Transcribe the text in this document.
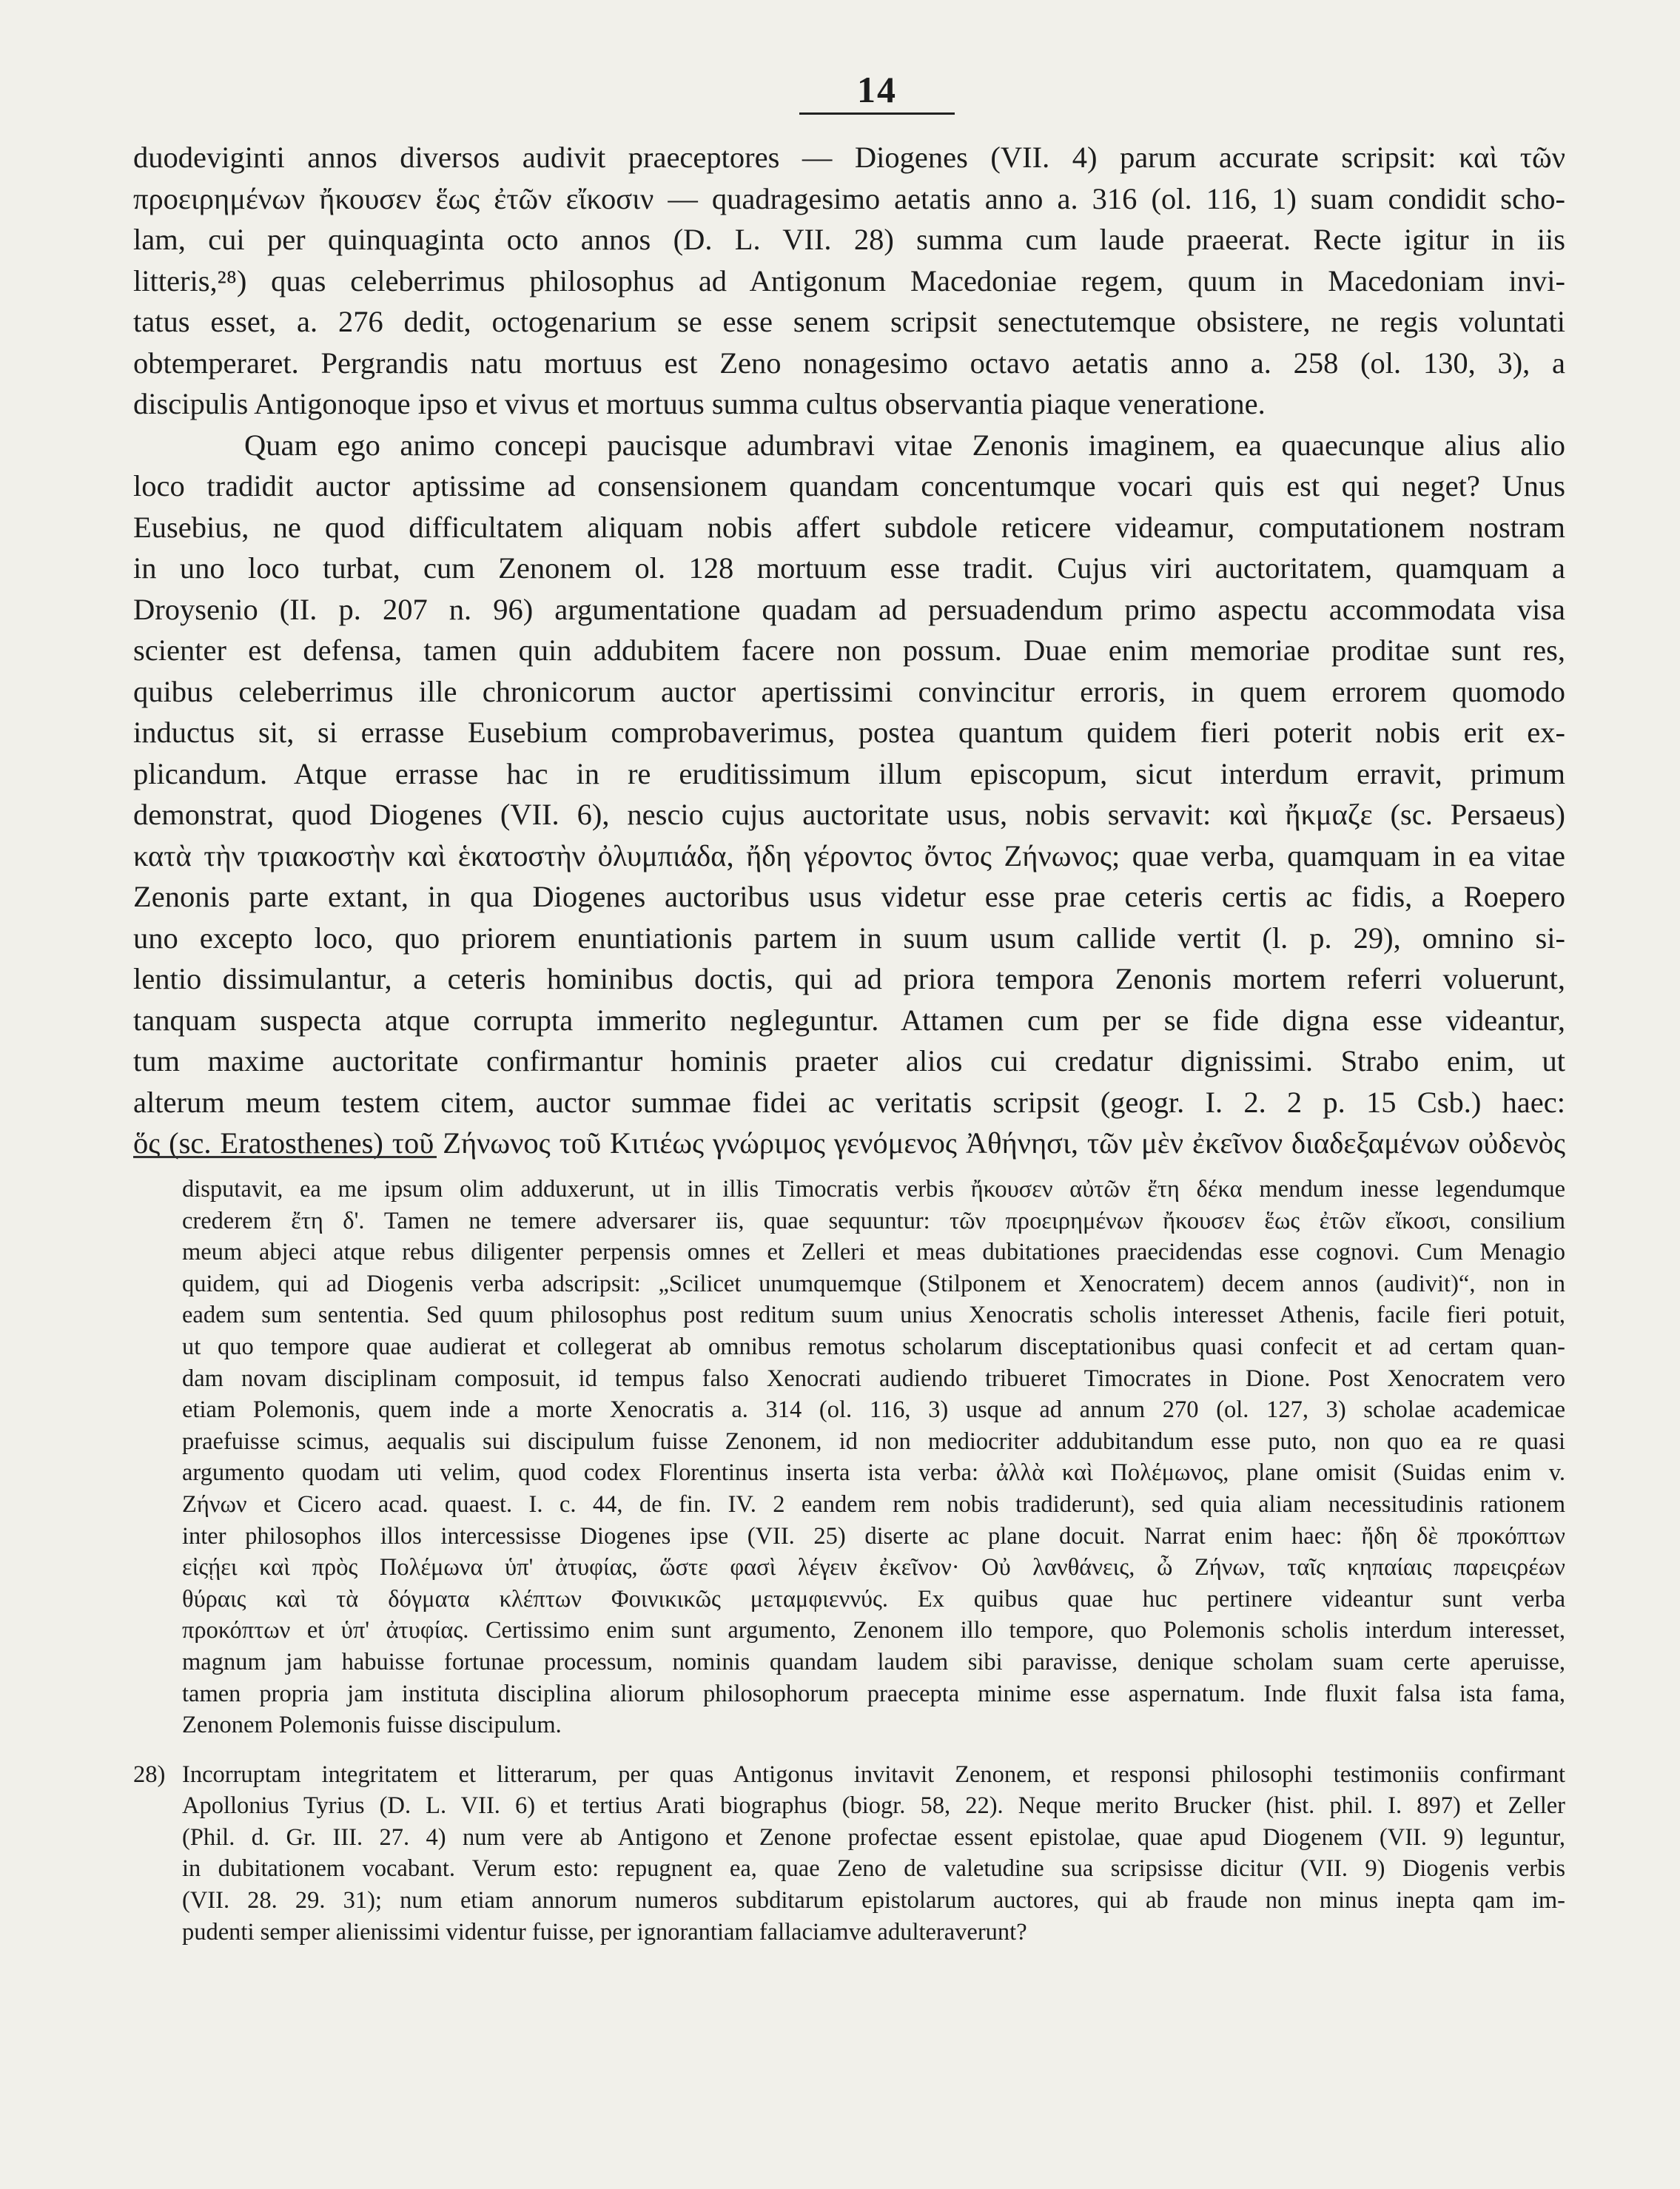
14
duodeviginti annos diversos audivit praeceptores — Diogenes (VII. 4) parum accurate scripsit: καὶ τῶν
προειρημένων ἤκουσεν ἕως ἐτῶν εἴκοσιν — quadragesimo aetatis anno a. 316 (ol. 116, 1) suam condidit scho-
lam, cui per quinquaginta octo annos (D. L. VII. 28) summa cum laude praeerat. Recte igitur in iis
litteris,²⁸) quas celeberrimus philosophus ad Antigonum Macedoniae regem, quum in Macedoniam invi-
tatus esset, a. 276 dedit, octogenarium se esse senem scripsit senectutemque obsistere, ne regis voluntati
obtemperaret. Pergrandis natu mortuus est Zeno nonagesimo octavo aetatis anno a. 258 (ol. 130, 3), a
discipulis Antigonoque ipso et vivus et mortuus summa cultus observantia piaque veneratione.
Quam ego animo concepi paucisque adumbravi vitae Zenonis imaginem, ea quaecunque alius alio
loco tradidit auctor aptissime ad consensionem quandam concentumque vocari quis est qui neget? Unus
Eusebius, ne quod difficultatem aliquam nobis affert subdole reticere videamur, computationem nostram
in uno loco turbat, cum Zenonem ol. 128 mortuum esse tradit. Cujus viri auctoritatem, quamquam a
Droysenio (II. p. 207 n. 96) argumentatione quadam ad persuadendum primo aspectu accommodata visa
scienter est defensa, tamen quin addubitem facere non possum. Duae enim memoriae proditae sunt res,
quibus celeberrimus ille chronicorum auctor apertissimi convincitur erroris, in quem errorem quomodo
inductus sit, si errasse Eusebium comprobaverimus, postea quantum quidem fieri poterit nobis erit ex-
plicandum. Atque errasse hac in re eruditissimum illum episcopum, sicut interdum erravit, primum
demonstrat, quod Diogenes (VII. 6), nescio cujus auctoritate usus, nobis servavit: καὶ ἤκμαζε (sc. Persaeus)
κατὰ τὴν τριακοστὴν καὶ ἑκατοστὴν ὀλυμπιάδα, ἤδη γέροντος ὄντος Ζήνωνος; quae verba, quamquam in ea vitae
Zenonis parte extant, in qua Diogenes auctoribus usus videtur esse prae ceteris certis ac fidis, a Roepero
uno excepto loco, quo priorem enuntiationis partem in suum usum callide vertit (l. p. 29), omnino si-
lentio dissimulantur, a ceteris hominibus doctis, qui ad priora tempora Zenonis mortem referri voluerunt,
tanquam suspecta atque corrupta immerito negleguntur. Attamen cum per se fide digna esse videantur,
tum maxime auctoritate confirmantur hominis praeter alios cui credatur dignissimi. Strabo enim, ut
alterum meum testem citem, auctor summae fidei ac veritatis scripsit (geogr. I. 2. 2 p. 15 Csb.) haec:
ὅς (sc. Eratosthenes) τοῦ Ζήνωνος τοῦ Κιτιέως γνώριμος γενόμενος Ἀθήνησι, τῶν μὲν ἐκεῖνον διαδεξαμένων οὐδενὸς
disputavit, ea me ipsum olim adduxerunt, ut in illis Timocratis verbis ἤκουσεν αὐτῶν ἔτη δέκα mendum inesse legendumque
crederem ἔτη δ'. Tamen ne temere adversarer iis, quae sequuntur: τῶν προειρημένων ἤκουσεν ἕως ἐτῶν εἴκοσι, consilium
meum abjeci atque rebus diligenter perpensis omnes et Zelleri et meas dubitationes praecidendas esse cognovi. Cum Menagio
quidem, qui ad Diogenis verba adscripsit: „Scilicet unumquemque (Stilponem et Xenocratem) decem annos (audivit)“, non in
eadem sum sententia. Sed quum philosophus post reditum suum unius Xenocratis scholis interesset Athenis, facile fieri potuit,
ut quo tempore quae audierat et collegerat ab omnibus remotus scholarum disceptationibus quasi confecit et ad certam quan-
dam novam disciplinam composuit, id tempus falso Xenocrati audiendo tribueret Timocrates in Dione. Post Xenocratem vero
etiam Polemonis, quem inde a morte Xenocratis a. 314 (ol. 116, 3) usque ad annum 270 (ol. 127, 3) scholae academicae
praefuisse scimus, aequalis sui discipulum fuisse Zenonem, id non mediocriter addubitandum esse puto, non quo ea re quasi
argumento quodam uti velim, quod codex Florentinus inserta ista verba: ἀλλὰ καὶ Πολέμωνος, plane omisit (Suidas enim v.
Ζήνων et Cicero acad. quaest. I. c. 44, de fin. IV. 2 eandem rem nobis tradiderunt), sed quia aliam necessitudinis rationem
inter philosophos illos intercessisse Diogenes ipse (VII. 25) diserte ac plane docuit. Narrat enim haec: ἤδη δὲ προκόπτων
εἰςῄει καὶ πρὸς Πολέμωνα ὑπ' ἀτυφίας, ὥστε φασὶ λέγειν ἐκεῖνον· Οὐ λανθάνεις, ὦ Ζήνων, ταῖς κηπαίαις παρειςρέων
θύραις καὶ τὰ δόγματα κλέπτων Φοινικικῶς μεταμφιεννύς. Ex quibus quae huc pertinere videantur sunt verba
προκόπτων et ὑπ' ἀτυφίας. Certissimo enim sunt argumento, Zenonem illo tempore, quo Polemonis scholis interdum interesset,
magnum jam habuisse fortunae processum, nominis quandam laudem sibi paravisse, denique scholam suam certe aperuisse,
tamen propria jam instituta disciplina aliorum philosophorum praecepta minime esse aspernatum. Inde fluxit falsa ista fama,
Zenonem Polemonis fuisse discipulum.
28) Incorruptam integritatem et litterarum, per quas Antigonus invitavit Zenonem, et responsi philosophi testimoniis confirmant
Apollonius Tyrius (D. L. VII. 6) et tertius Arati biographus (biogr. 58, 22). Neque merito Brucker (hist. phil. I. 897) et Zeller
(Phil. d. Gr. III. 27. 4) num vere ab Antigono et Zenone profectae essent epistolae, quae apud Diogenem (VII. 9) leguntur,
in dubitationem vocabant. Verum esto: repugnent ea, quae Zeno de valetudine sua scripsisse dicitur (VII. 9) Diogenis verbis
(VII. 28. 29. 31); num etiam annorum numeros subditarum epistolarum auctores, qui ab fraude non minus inepta qam im-
pudenti semper alienissimi videntur fuisse, per ignorantiam fallaciamve adulteraverunt?
